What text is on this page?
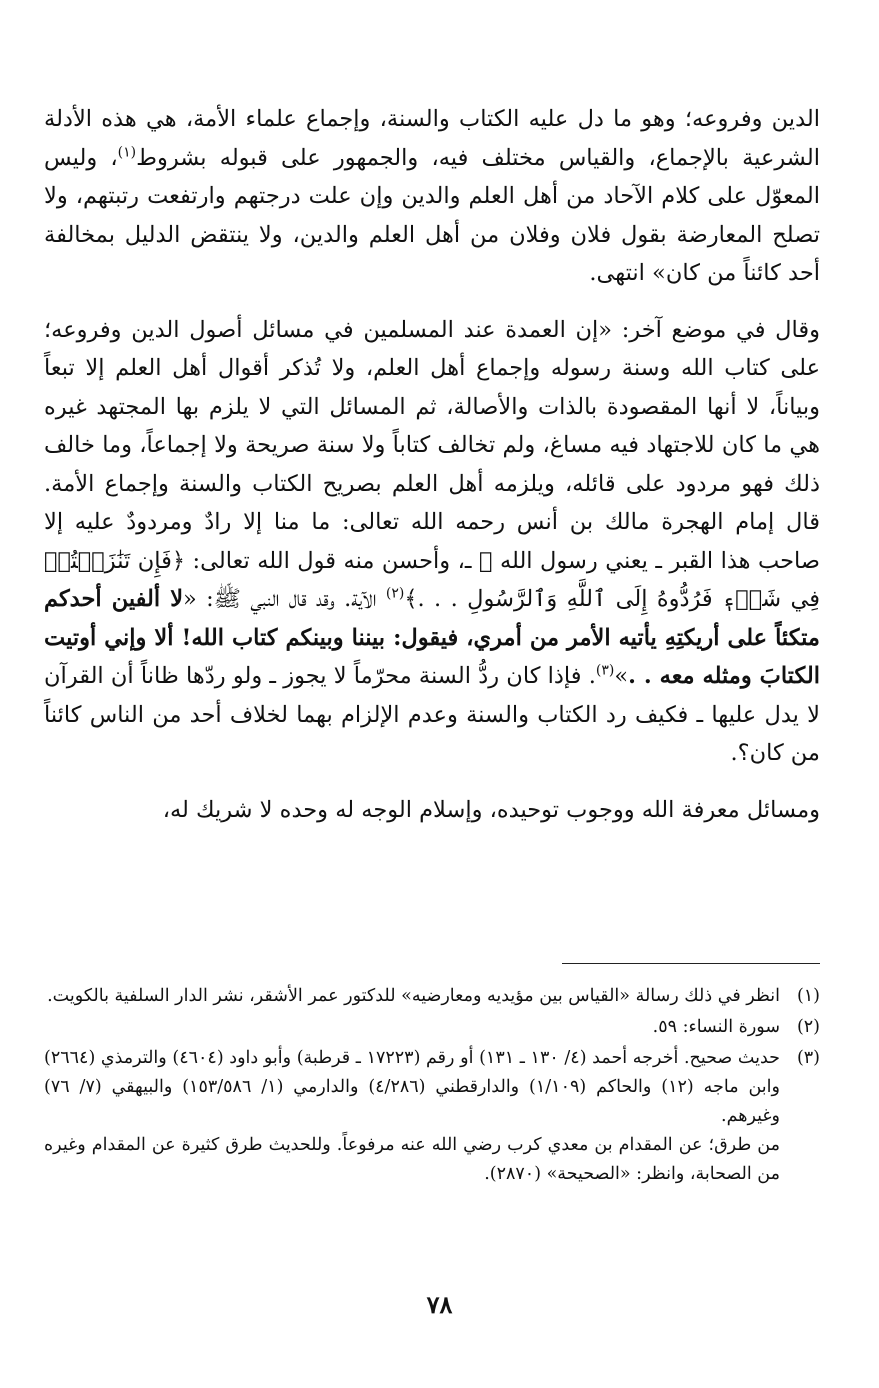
الدين وفروعه؛ وهو ما دل عليه الكتاب والسنة، وإجماع علماء الأمة، هي هذه الأدلة الشرعية بالإجماع، والقياس مختلف فيه، والجمهور على قبوله بشروط$^{(١)}$، وليس المعوّل على كلام الآحاد من أهل العلم والدين وإن علت درجتهم وارتفعت رتبتهم، ولا تصلح المعارضة بقول فلان وفلان من أهل العلم والدين، ولا ينتقض الدليل بمخالفة أحد كائناً من كان» انتهى.
وقال في موضع آخر: «إن العمدة عند المسلمين في مسائل أصول الدين وفروعه؛ على كتاب الله وسنة رسوله وإجماع أهل العلم، ولا تُذكر أقوال أهل العلم إلا تبعاً وبياناً، لا أنها المقصودة بالذات والأصالة، ثم المسائل التي لا يلزم بها المجتهد غيره هي ما كان للاجتهاد فيه مساغ، ولم تخالف كتاباً ولا سنة صريحة ولا إجماعاً، وما خالف ذلك فهو مردود على قائله، ويلزمه أهل العلم بصريح الكتاب والسنة وإجماع الأمة. قال إمام الهجرة مالك بن أنس رحمه الله تعالى: ما منا إلا رادٌ ومردودٌ عليه إلا صاحب هذا القبر ـ يعني رسول الله ﷺ ـ، وأحسن منه قول الله تعالى: ﴿فَإِن تَنَٰزَعۡتُمۡ فِي شَيۡءٖ فَرُدُّوهُ إِلَى ٱللَّهِ وَٱلرَّسُولِ . . .﴾$^{(٢)}$ الآية. وقد قال النبي ﷺ: «لا ألفين أحدكم متكئاً على أريكتِهِ يأتيه الأمر من أمري، فيقول: بيننا وبينكم كتاب الله! ألا وإني أوتيت الكتابَ ومثله معه . .»$^{(٣)}$. فإذا كان ردُّ السنة محرّماً لا يجوز ـ ولو ردّها ظاناً أن القرآن لا يدل عليها ـ فكيف رد الكتاب والسنة وعدم الإلزام بهما لخلاف أحد من الناس كائناً من كان؟.
ومسائل معرفة الله ووجوب توحيده، وإسلام الوجه له وحده لا شريك له،
(١)

انظر في ذلك رسالة «القياس بين مؤيديه ومعارضيه» للدكتور عمر الأشقر، نشر الدار السلفية بالكويت.

(٢)

سورة النساء: ٥٩.

(٣)

حديث صحيح. أخرجه أحمد (٤/ ١٣٠ ـ ١٣١) أو رقم (١٧٢٢٣ ـ قرطبة) وأبو داود (٤٦٠٤) والترمذي (٢٦٦٤) وابن ماجه (١٢) والحاكم (١/١٠٩) والدارقطني (٤/٢٨٦) والدارمي (١/ ١٥٣/٥٨٦) والبيهقي (٧/ ٧٦) وغيرهم.

من طرق؛ عن المقدام بن معدي كرب رضي الله عنه مرفوعاً. وللحديث طرق كثيرة عن المقدام وغيره من الصحابة، وانظر: «الصحيحة» (٢٨٧٠).

٧٨
